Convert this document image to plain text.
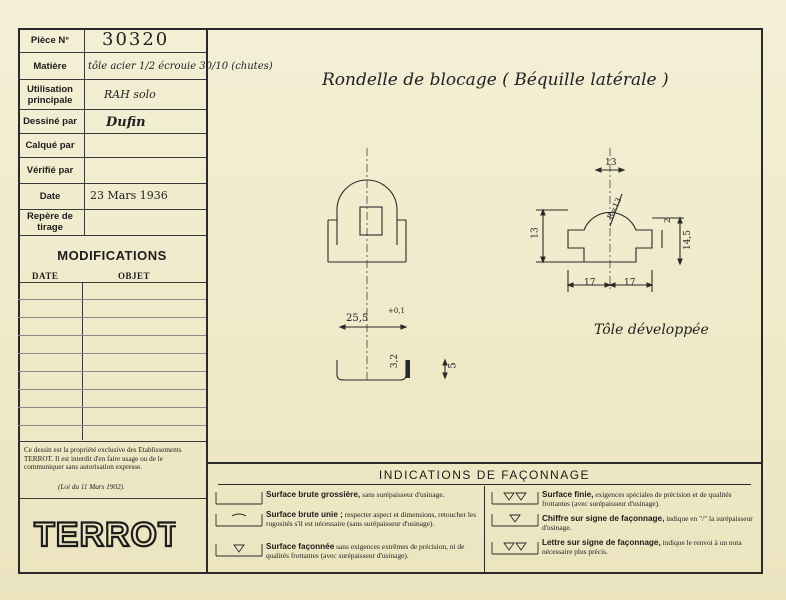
Pièce N°	30320
Matière	tôle acier 1/2 écrouie 30/10 (chutes)
Utilisation principale	RAH solo
Dessiné par	Dufin
Calqué par
Vérifié par
Date	23 Mars 1936
Repère de tirage
MODIFICATIONS
DATE	OBJET
Ce dessin est la propriété exclusive des Etablissements TERROT. Il est interdit d'en faire usage ou de le communiquer sans autorisation expresse.
(Loi du 11 Mars 1902).
TERROT
Rondelle de blocage ( Béquille latérale )
25,5
+0,1
3,2	5
13
13
R=13	2
14,5
17	17
Tôle développée
INDICATIONS DE FAÇONNAGE
Surface brute grossière, sans surépaisseur d'usinage.
Surface brute unie ; respecter aspect et dimensions, retoucher les rugosités s'il est nécessaire (sans surépaisseur d'usinage).
Surface façonnée sans exigences extrêmes de précision, ni de qualités frottantes (avec surépaisseur d'usinage).
Surface finie, exigences spéciales de précision et de qualités frottantes (avec surépaisseur d'usinage).
Chiffre sur signe de façonnage, indique en "/" la surépaisseur d'usinage.
Lettre sur signe de façonnage, indique le renvoi à un nota nécessaire plus précis.
